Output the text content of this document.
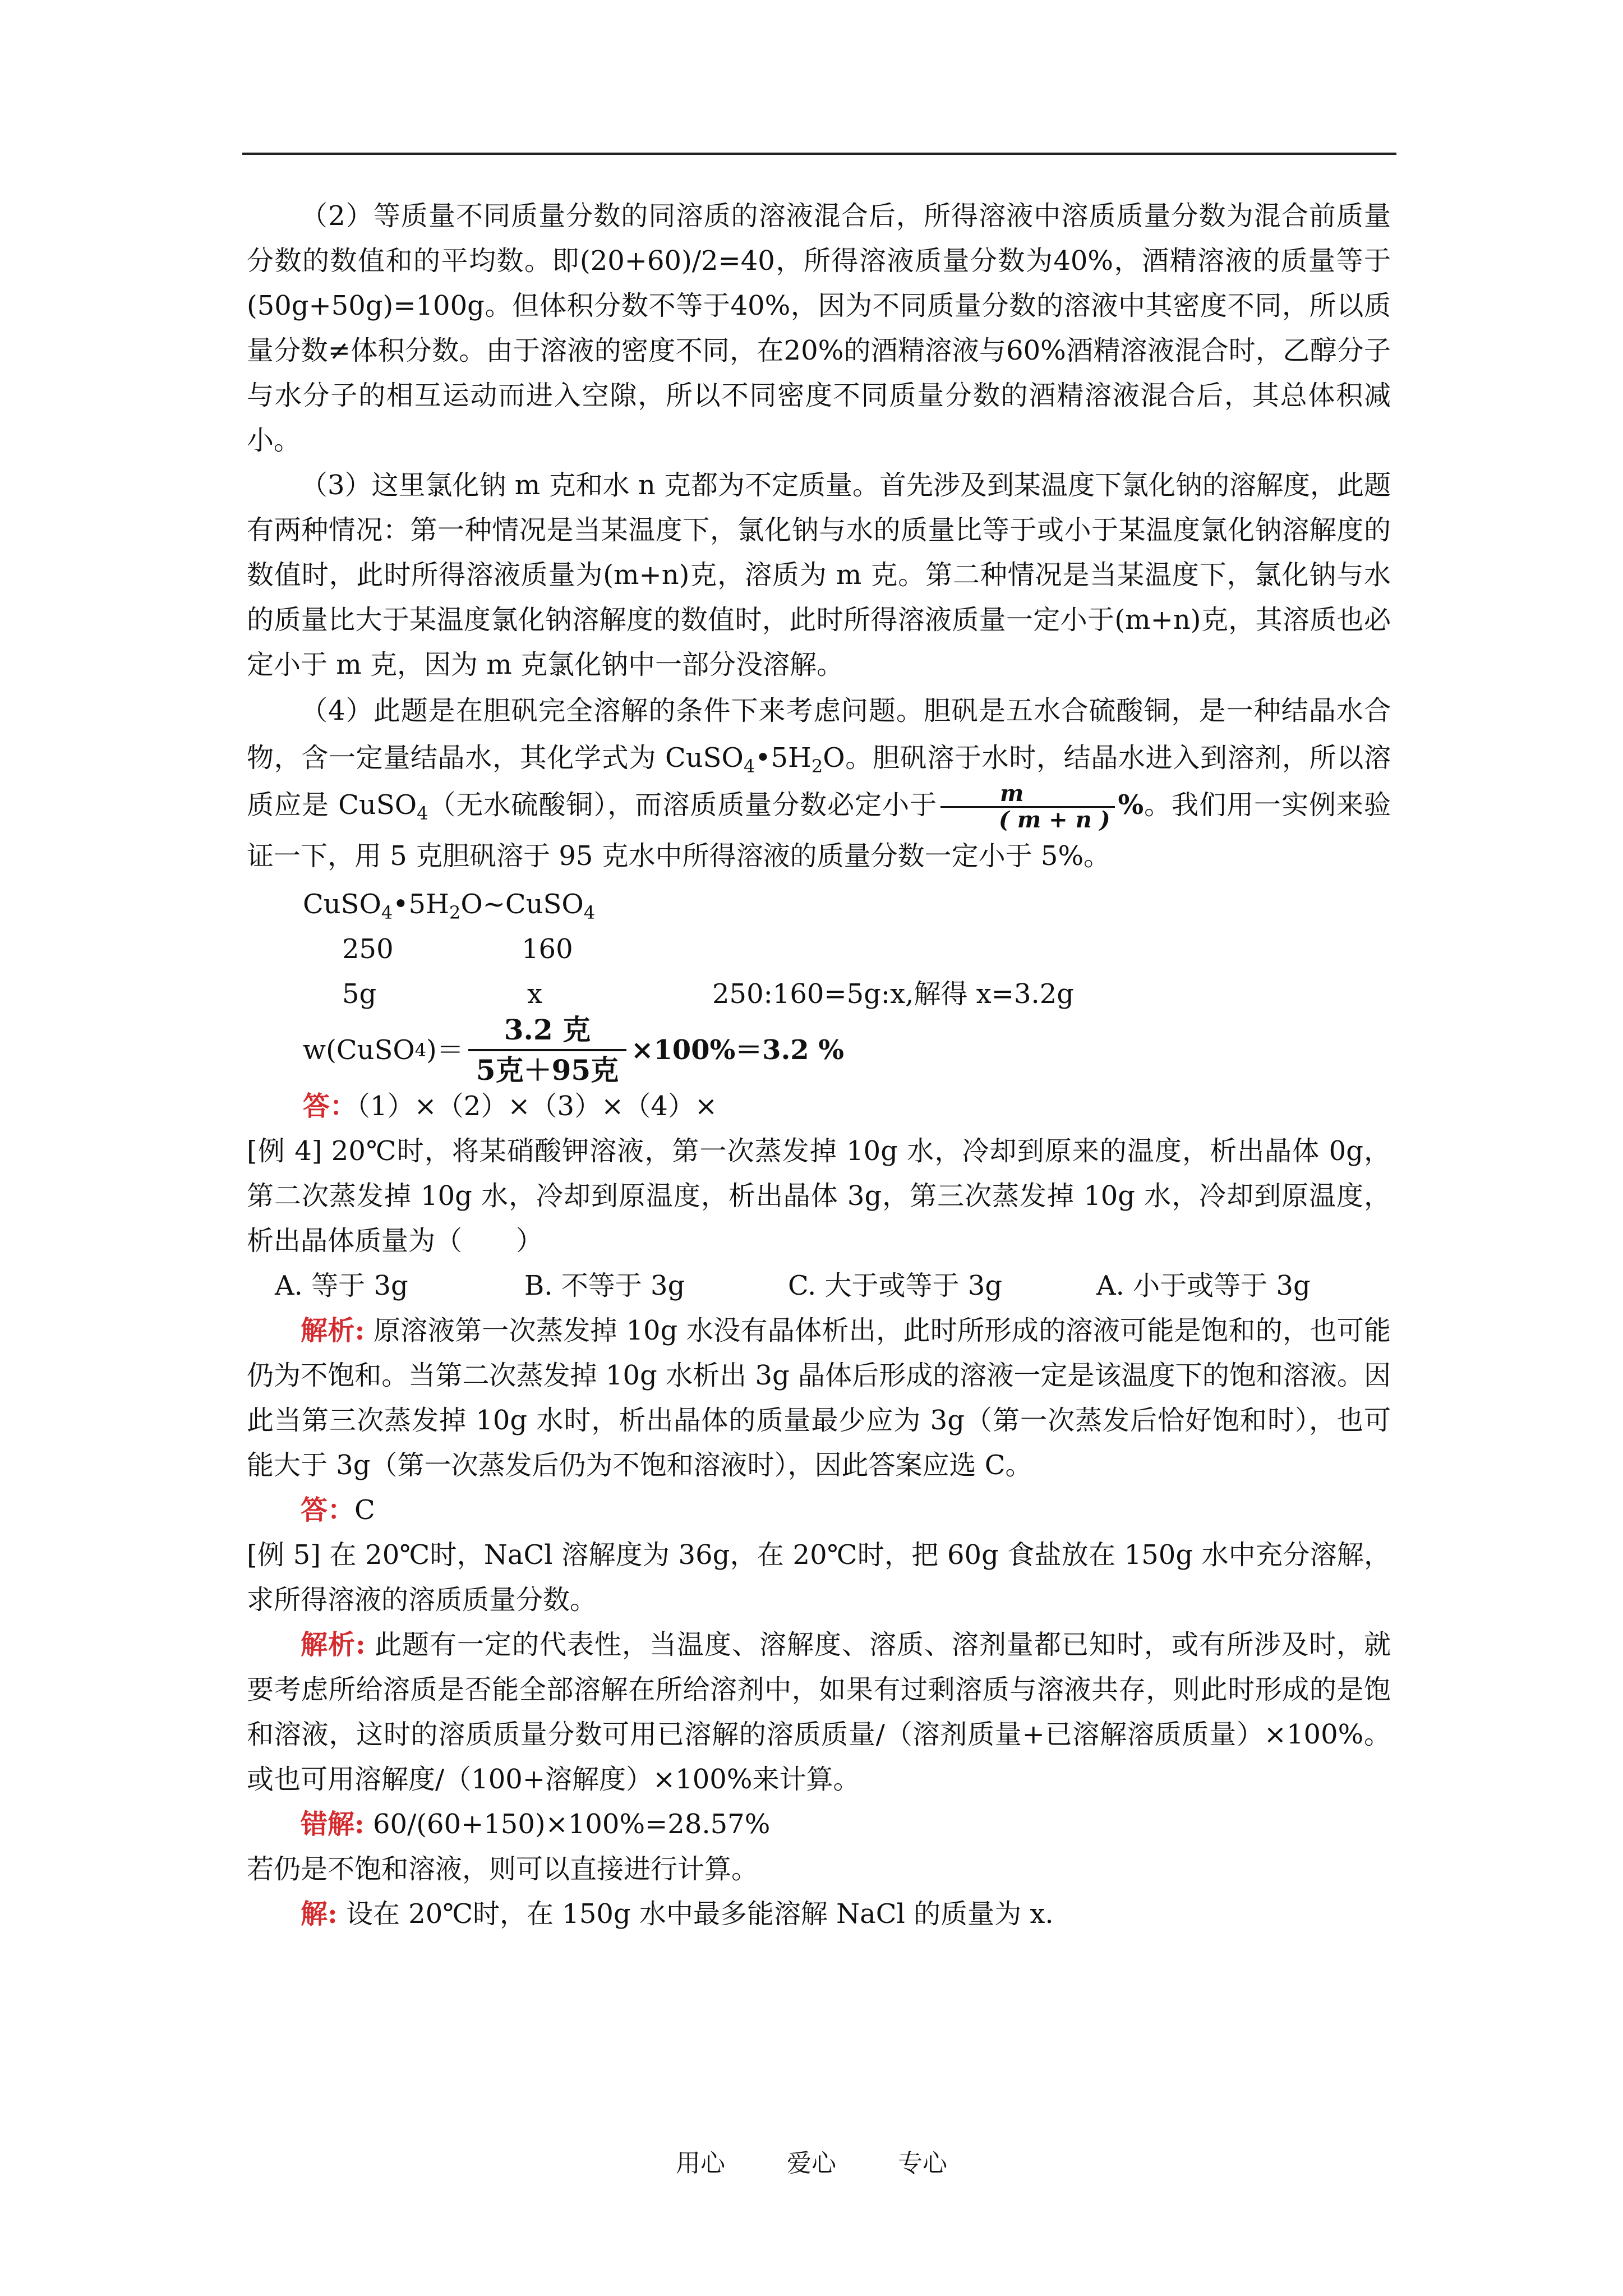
（2）等质量不同质量分数的同溶质的溶液混合后，所得溶液中溶质质量分数为混合前质量分数的数值和的平均数。即(20+60)/2=40，所得溶液质量分数为40%，酒精溶液的质量等于(50g+50g)=100g。但体积分数不等于40%，因为不同质量分数的溶液中其密度不同，所以质量分数≠体积分数。由于溶液的密度不同，在20%的酒精溶液与60%酒精溶液混合时，乙醇分子与水分子的相互运动而进入空隙，所以不同密度不同质量分数的酒精溶液混合后，其总体积减小。

（3）这里氯化钠 m 克和水 n 克都为不定质量。首先涉及到某温度下氯化钠的溶解度，此题有两种情况：第一种情况是当某温度下，氯化钠与水的质量比等于或小于某温度氯化钠溶解度的数值时，此时所得溶液质量为(m+n)克，溶质为 m 克。第二种情况是当某温度下，氯化钠与水的质量比大于某温度氯化钠溶解度的数值时，此时所得溶液质量一定小于(m+n)克，其溶质也必定小于 m 克，因为 m 克氯化钠中一部分没溶解。

（4）此题是在胆矾完全溶解的条件下来考虑问题。胆矾是五水合硫酸铜，是一种结晶水合物，含一定量结晶水，其化学式为 $CuSO_4•5H_2O$。胆矾溶于水时，结晶水进入到溶剂，所以溶质应是 CuSO$_4$（无水硫酸铜），而溶质质量分数必定小于 $\frac{m}{( m + n )}$ %。我们用一实例来验证一下，用 5 克胆矾溶于 95 克水中所得溶液的质量分数一定小于 5%。

$CuSO_4•5H_2O\sim CuSO_4$

250	160
5g	x	250:160=5g:x,解得 x=3.2g
w(CuSO 4 )＝ $\frac{\text{3.2 克}}{\text{5克＋95克}} \times 100\%=3.2$ %

答：（1）×（2）×（3）×（4）×

[例 4] 20℃时，将某硝酸钾溶液，第一次蒸发掉 10g 水，冷却到原来的温度，析出晶体 0g，第二次蒸发掉 10g 水，冷却到原温度，析出晶体 3g，第三次蒸发掉 10g 水，冷却到原温度，析出晶体质量为（　　）

A. 等于 3g	B. 不等于 3g	C. 大于或等于 3g	A. 小于或等于 3g

解析: 原溶液第一次蒸发掉 10g 水没有晶体析出，此时所形成的溶液可能是饱和的，也可能仍为不饱和。当第二次蒸发掉 10g 水析出 3g 晶体后形成的溶液一定是该温度下的饱和溶液。因此当第三次蒸发掉 10g 水时，析出晶体的质量最少应为 3g（第一次蒸发后恰好饱和时），也可能大于 3g（第一次蒸发后仍为不饱和溶液时），因此答案应选 C。

答：C

[例 5] 在 20℃时，NaCl 溶解度为 36g，在 20℃时，把 60g 食盐放在 150g 水中充分溶解，求所得溶液的溶质质量分数。

解析: 此题有一定的代表性，当温度、溶解度、溶质、溶剂量都已知时，或有所涉及时，就要考虑所给溶质是否能全部溶解在所给溶剂中，如果有过剩溶质与溶液共存，则此时形成的是饱和溶液，这时的溶质质量分数可用已溶解的溶质质量/（溶剂质量+已溶解溶质质量）×100%。或也可用溶解度/（100+溶解度）×100%来计算。

错解: 60/(60+150)×100%=28.57%

若仍是不饱和溶液，则可以直接进行计算。

解: 设在 20℃时，在 150g 水中最多能溶解 NaCl 的质量为 x.

用心	爱心	专心
